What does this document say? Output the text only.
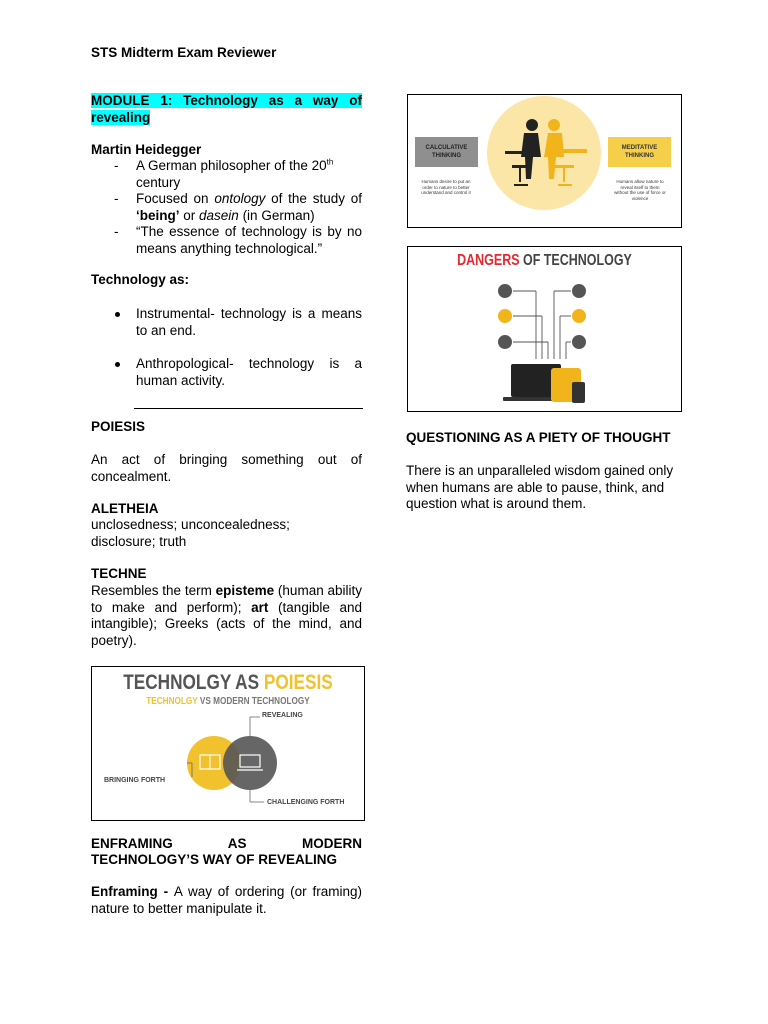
STS Midterm Exam Reviewer
MODULE 1: Technology as a way of revealing
Martin Heidegger
- A German philosopher of the 20th
century
- Focused on ontology of the study of ‘being’ or dasein (in German)
- “The essence of technology is by no means anything technological.”
Technology as:
Instrumental- technology is a means to an end.
Anthropological- technology is a human activity.
POIESIS
An act of bringing something out of concealment.
ALETHEIA
unclosedness; unconcealedness; disclosure; truth
TECHNE
Resembles the term episteme (human ability to make and perform); art (tangible and intangible); Greeks (acts of the mind, and poetry).
TECHNOLGY AS POIESIS
TECHNOLGY VS MODERN TECHNOLOGY
REVEALING
BRINGING FORTH
CHALLENGING FORTH
ENFRAMING AS MODERN
TECHNOLOGY’S WAY OF REVEALING
Enframing - A way of ordering (or framing) nature to better manipulate it.
CALCULATIVE THINKING
Humans desire to put an order to nature to better understand and control it
MEDITATIVE THINKING
Humans allow nature to reveal itself to them without the use of force or violence
DANGERS OF TECHNOLOGY
QUESTIONING AS A PIETY OF THOUGHT
There is an unparalleled wisdom gained only when humans are able to pause, think, and question what is around them.
